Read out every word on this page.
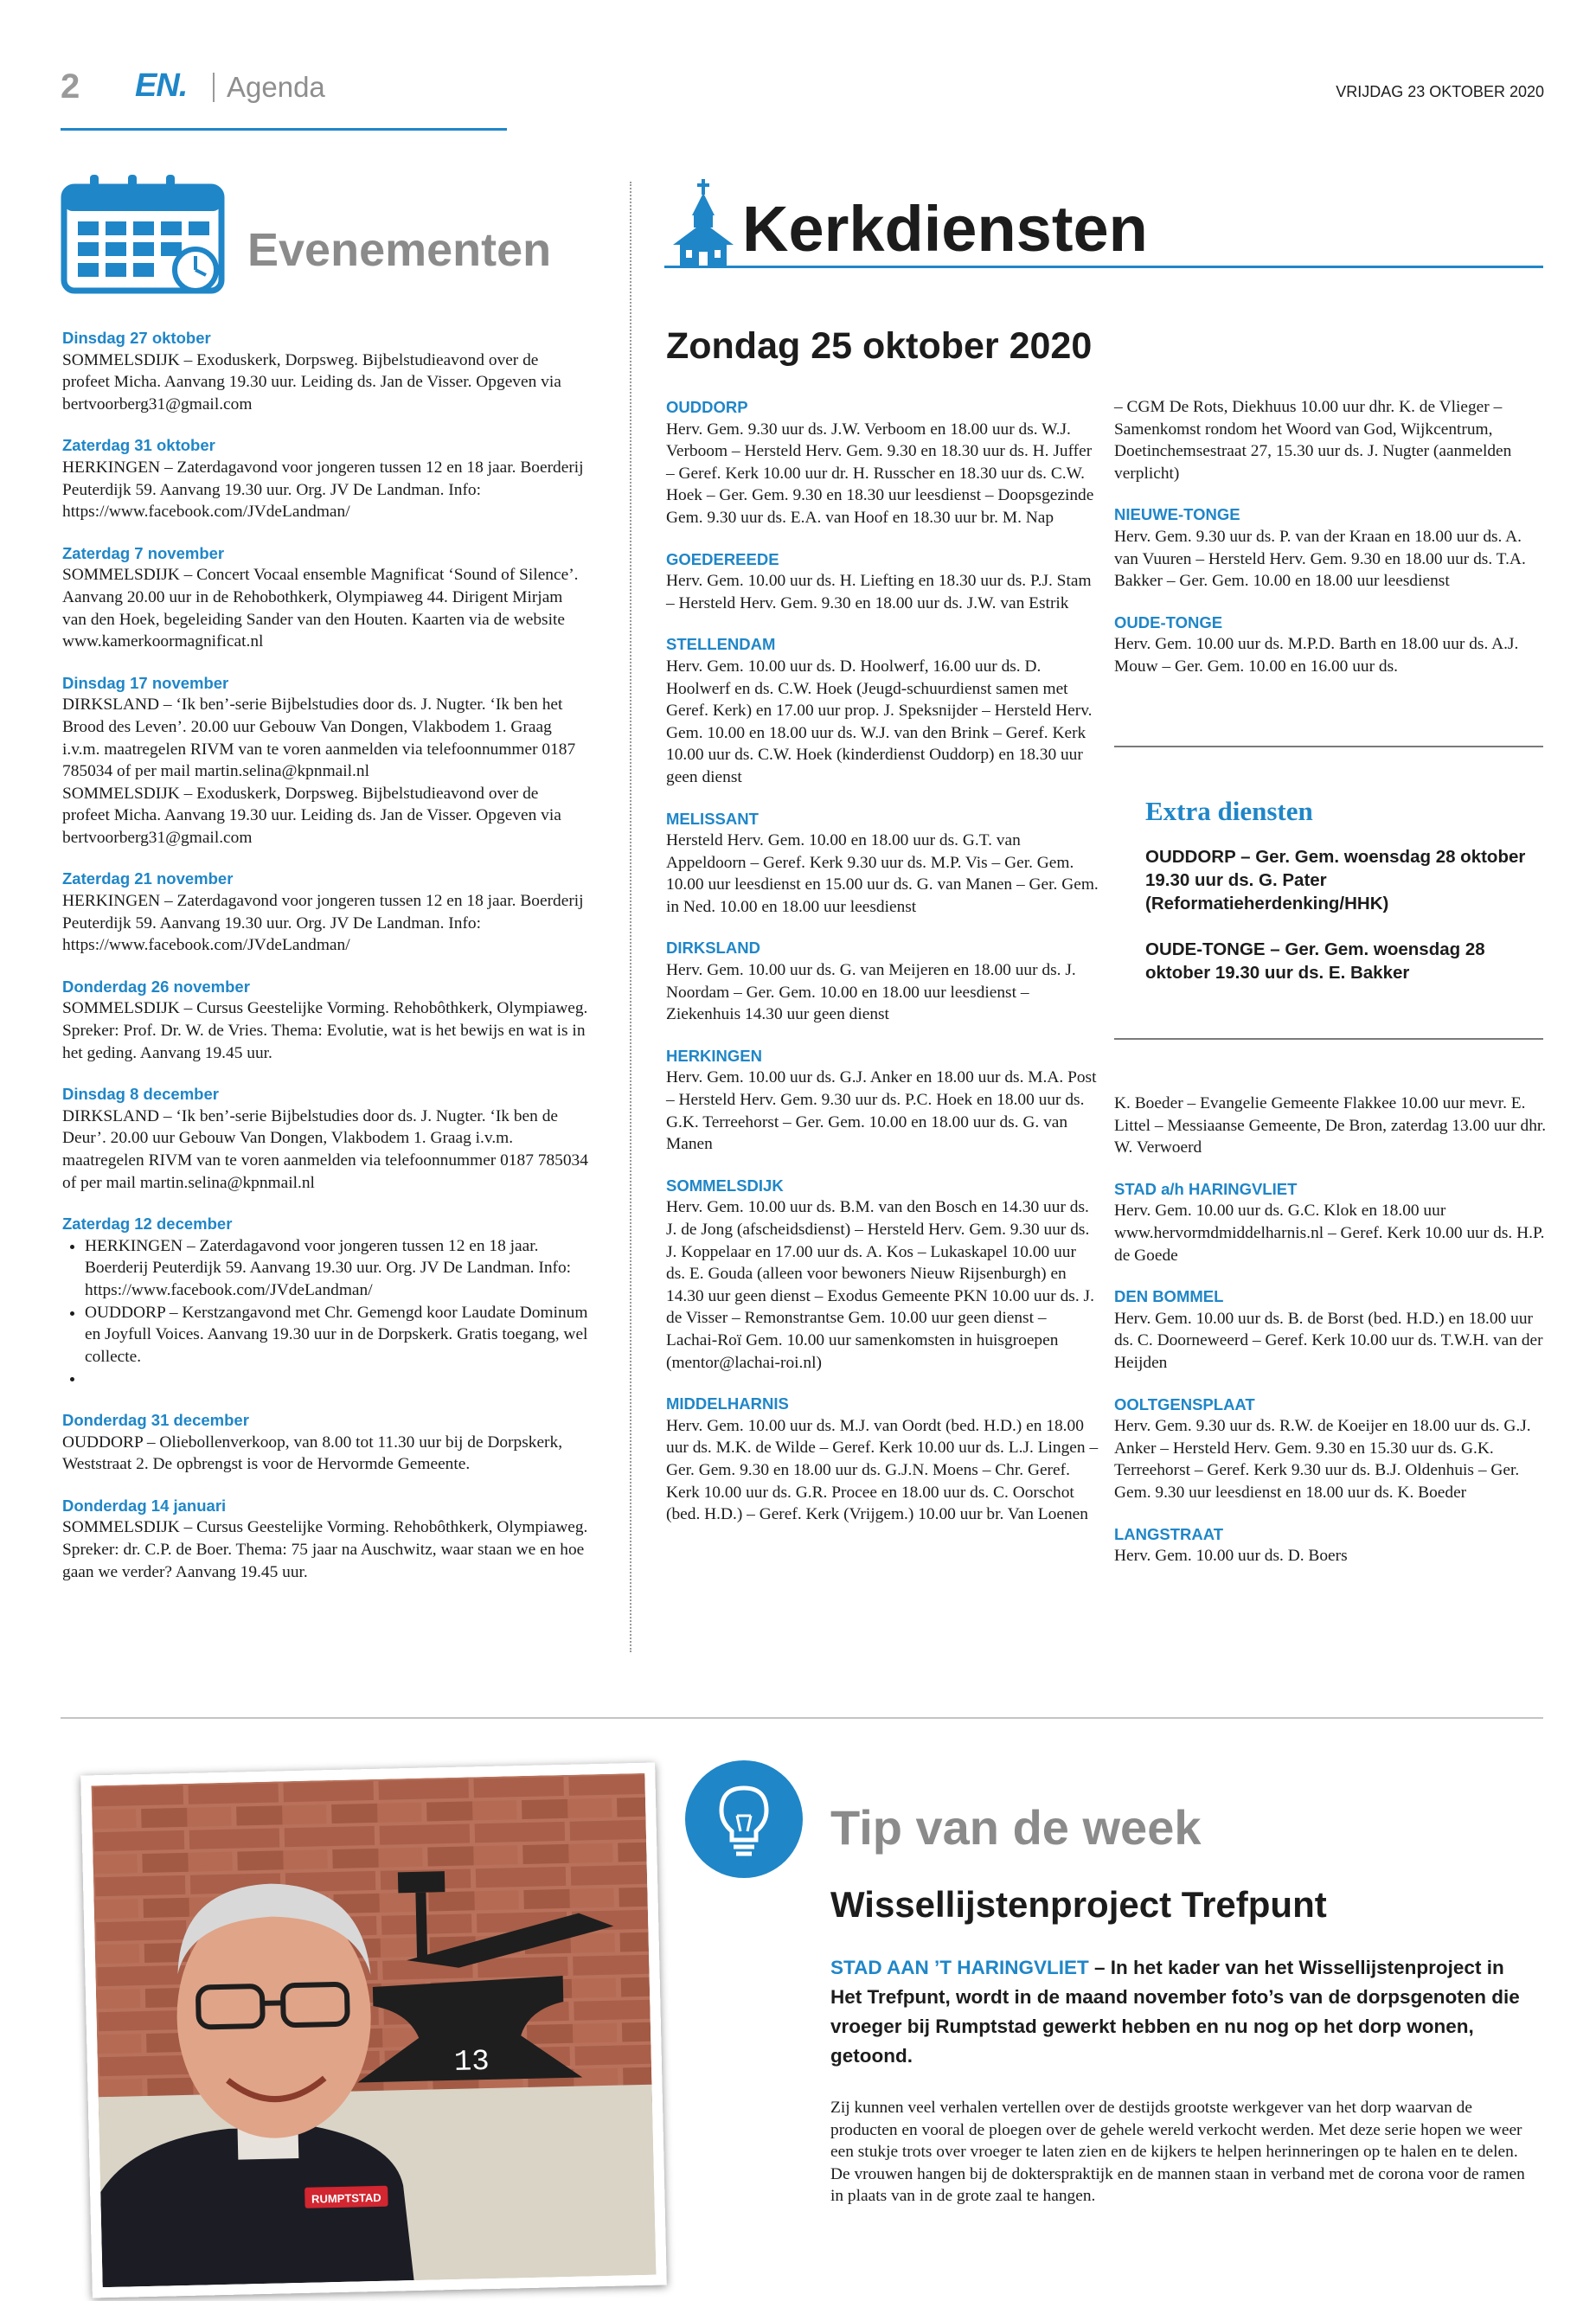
2 EN. Agenda	VRIJDAG 23 OKTOBER 2020
Evenementen	Kerkdiensten
Dinsdag 27 oktober
SOMMELSDIJK – Exoduskerk, Dorpsweg. Bijbelstudieavond over de profeet Micha. Aanvang 19.30 uur. Leiding ds. Jan de Visser. Opgeven via bertvoorberg31@gmail.com
Zaterdag 31 oktober
HERKINGEN – Zaterdagavond voor jongeren tussen 12 en 18 jaar. Boerderij Peuterdijk 59. Aanvang 19.30 uur. Org. JV De Landman. Info: https://www.facebook.com/JVdeLandman/
Zaterdag 7 november
SOMMELSDIJK – Concert Vocaal ensemble Magnificat ‘Sound of Silence’. Aanvang 20.00 uur in de Rehobothkerk, Olympiaweg 44. Dirigent Mirjam van den Hoek, begeleiding Sander van den Houten. Kaarten via de website www.kamerkoormagnificat.nl
Dinsdag 17 november
DIRKSLAND – ‘Ik ben’-serie Bijbelstudies door ds. J. Nugter. ‘Ik ben het Brood des Leven’. 20.00 uur Gebouw Van Dongen, Vlakbodem 1. Graag i.v.m. maatregelen RIVM van te voren aanmelden via telefoonnummer 0187 785034 of per mail martin.selina@kpnmail.nl
SOMMELSDIJK – Exoduskerk, Dorpsweg. Bijbelstudieavond over de profeet Micha. Aanvang 19.30 uur. Leiding ds. Jan de Visser. Opgeven via bertvoorberg31@gmail.com
Zaterdag 21 november
HERKINGEN – Zaterdagavond voor jongeren tussen 12 en 18 jaar. Boerderij Peuterdijk 59. Aanvang 19.30 uur. Org. JV De Landman. Info: https://www.facebook.com/JVdeLandman/
Donderdag 26 november
SOMMELSDIJK – Cursus Geestelijke Vorming. Rehobôthkerk, Olympiaweg. Spreker: Prof. Dr. W. de Vries. Thema: Evolutie, wat is het bewijs en wat is in het geding. Aanvang 19.45 uur.
Dinsdag 8 december
DIRKSLAND – ‘Ik ben’-serie Bijbelstudies door ds. J. Nugter. ‘Ik ben de Deur’. 20.00 uur Gebouw Van Dongen, Vlakbodem 1. Graag i.v.m. maatregelen RIVM van te voren aanmelden via telefoonnummer 0187 785034 of per mail martin.selina@kpnmail.nl
Zaterdag 12 december
• HERKINGEN – Zaterdagavond voor jongeren tussen 12 en 18 jaar. Boerderij Peuterdijk 59. Aanvang 19.30 uur. Org. JV De Landman. Info: https://www.facebook.com/JVdeLandman/
• OUDDORP – Kerstzangavond met Chr. Gemengd koor Laudate Dominum en Joyfull Voices. Aanvang 19.30 uur in de Dorpskerk. Gratis toegang, wel collecte.
•
Donderdag 31 december
OUDDORP – Oliebollenverkoop, van 8.00 tot 11.30 uur bij de Dorpskerk, Weststraat 2. De opbrengst is voor de Hervormde Gemeente.
Donderdag 14 januari
SOMMELSDIJK – Cursus Geestelijke Vorming. Rehobôthkerk, Olympiaweg. Spreker: dr. C.P. de Boer. Thema: 75 jaar na Auschwitz, waar staan we en hoe gaan we verder? Aanvang 19.45 uur.
Zondag 25 oktober 2020
OUDDORP
Herv. Gem. 9.30 uur ds. J.W. Verboom en 18.00 uur ds. W.J. Verboom – Hersteld Herv. Gem. 9.30 en 18.30 uur ds. H. Juffer – Geref. Kerk 10.00 uur dr. H. Russcher en 18.30 uur ds. C.W. Hoek – Ger. Gem. 9.30 en 18.30 uur leesdienst – Doopsgezinde Gem. 9.30 uur ds. E.A. van Hoof en 18.30 uur br. M. Nap
GOEDEREEDE
Herv. Gem. 10.00 uur ds. H. Liefting en 18.30 uur ds. P.J. Stam – Hersteld Herv. Gem. 9.30 en 18.00 uur ds. J.W. van Estrik
STELLENDAM
Herv. Gem. 10.00 uur ds. D. Hoolwerf, 16.00 uur ds. D. Hoolwerf en ds. C.W. Hoek (Jeugd-schuurdienst samen met Geref. Kerk) en 17.00 uur prop. J. Speksnijder – Hersteld Herv. Gem. 10.00 en 18.00 uur ds. W.J. van den Brink – Geref. Kerk 10.00 uur ds. C.W. Hoek (kinderdienst Ouddorp) en 18.30 uur geen dienst
MELISSANT
Hersteld Herv. Gem. 10.00 en 18.00 uur ds. G.T. van Appeldoorn – Geref. Kerk 9.30 uur ds. M.P. Vis – Ger. Gem. 10.00 uur leesdienst en 15.00 uur ds. G. van Manen – Ger. Gem. in Ned. 10.00 en 18.00 uur leesdienst
DIRKSLAND
Herv. Gem. 10.00 uur ds. G. van Meijeren en 18.00 uur ds. J. Noordam – Ger. Gem. 10.00 en 18.00 uur leesdienst – Ziekenhuis 14.30 uur geen dienst
HERKINGEN
Herv. Gem. 10.00 uur ds. G.J. Anker en 18.00 uur ds. M.A. Post – Hersteld Herv. Gem. 9.30 uur ds. P.C. Hoek en 18.00 uur ds. G.K. Terreehorst – Ger. Gem. 10.00 en 18.00 uur ds. G. van Manen
SOMMELSDIJK
Herv. Gem. 10.00 uur ds. B.M. van den Bosch en 14.30 uur ds. J. de Jong (afscheidsdienst) – Hersteld Herv. Gem. 9.30 uur ds. J. Koppelaar en 17.00 uur ds. A. Kos – Lukaskapel 10.00 uur ds. E. Gouda (alleen voor bewoners Nieuw Rijsenburgh) en 14.30 uur geen dienst – Exodus Gemeente PKN 10.00 uur ds. J. de Visser – Remonstrantse Gem. 10.00 uur geen dienst – Lachai-Roï Gem. 10.00 uur samenkomsten in huisgroepen (mentor@lachai-roi.nl)
MIDDELHARNIS
Herv. Gem. 10.00 uur ds. M.J. van Oordt (bed. H.D.) en 18.00 uur ds. M.K. de Wilde – Geref. Kerk 10.00 uur ds. L.J. Lingen – Ger. Gem. 9.30 en 18.00 uur ds. G.J.N. Moens – Chr. Geref. Kerk 10.00 uur ds. G.R. Procee en 18.00 uur ds. C. Oorschot (bed. H.D.) – Geref. Kerk (Vrijgem.) 10.00 uur br. Van Loenen
– CGM De Rots, Diekhuus 10.00 uur dhr. K. de Vlieger – Samenkomst rondom het Woord van God, Wijkcentrum, Doetinchemsestraat 27, 15.30 uur ds. J. Nugter (aanmelden verplicht)
NIEUWE-TONGE
Herv. Gem. 9.30 uur ds. P. van der Kraan en 18.00 uur ds. A. van Vuuren – Hersteld Herv. Gem. 9.30 en 18.00 uur ds. T.A. Bakker – Ger. Gem. 10.00 en 18.00 uur leesdienst
OUDE-TONGE
Herv. Gem. 10.00 uur ds. M.P.D. Barth en 18.00 uur ds. A.J. Mouw – Ger. Gem. 10.00 en 16.00 uur ds.
Extra diensten
OUDDORP – Ger. Gem. woensdag 28 oktober 19.30 uur ds. G. Pater (Reformatieherdenking/HHK)
OUDE-TONGE – Ger. Gem. woensdag 28 oktober 19.30 uur ds. E. Bakker
K. Boeder – Evangelie Gemeente Flakkee 10.00 uur mevr. E. Littel – Messiaanse Gemeente, De Bron, zaterdag 13.00 uur dhr. W. Verwoerd
STAD a/h HARINGVLIET
Herv. Gem. 10.00 uur ds. G.C. Klok en 18.00 uur www.hervormdmiddelharnis.nl – Geref. Kerk 10.00 uur ds. H.P. de Goede
DEN BOMMEL
Herv. Gem. 10.00 uur ds. B. de Borst (bed. H.D.) en 18.00 uur ds. C. Doorneweerd – Geref. Kerk 10.00 uur ds. T.W.H. van der Heijden
OOLTGENSPLAAT
Herv. Gem. 9.30 uur ds. R.W. de Koeijer en 18.00 uur ds. G.J. Anker – Hersteld Herv. Gem. 9.30 en 15.30 uur ds. G.K. Terreehorst – Geref. Kerk 9.30 uur ds. B.J. Oldenhuis – Ger. Gem. 9.30 uur leesdienst en 18.00 uur ds. K. Boeder
LANGSTRAAT
Herv. Gem. 10.00 uur ds. D. Boers
13
RUMPTSTAD
Tip van de week
Wissellijstenproject Trefpunt
STAD AAN ’T HARINGVLIET – In het kader van het Wissellijstenproject in Het Trefpunt, wordt in de maand november foto’s van de dorpsgenoten die vroeger bij Rumptstad gewerkt hebben en nu nog op het dorp wonen, getoond.
Zij kunnen veel verhalen vertellen over de destijds grootste werkgever van het dorp waarvan de producten en vooral de ploegen over de gehele wereld verkocht werden. Met deze serie hopen we weer een stukje trots over vroeger te laten zien en de kijkers te helpen herinneringen op te halen en te delen. De vrouwen hangen bij de dokterspraktijk en de mannen staan in verband met de corona voor de ramen in plaats van in de grote zaal te hangen.
